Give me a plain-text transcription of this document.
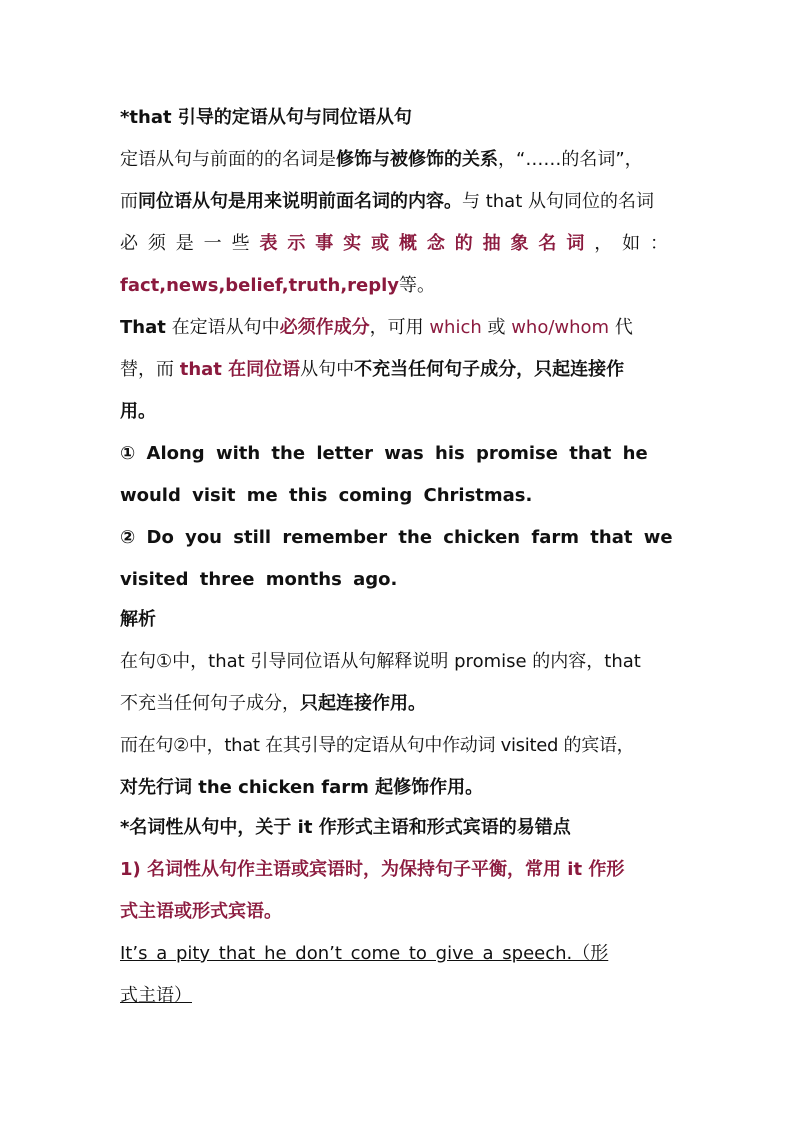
*that 引导的定语从句与同位语从句
定语从句与前面的的名词是修饰与被修饰的关系，“……的名词”，
而同位语从句是用来说明前面名词的内容。与 that 从句同位的名词
必须是一些表示事实或概念的抽象名词，如：
fact,news,belief,truth,reply等。
That 在定语从句中必须作成分，可用 which 或 who/whom 代
替，而 that 在同位语从句中不充当任何句子成分，只起连接作
用。
① Along with the letter was his promise that he
would visit me this coming Christmas.
② Do you still remember the chicken farm that we
visited three months ago.
解析
在句①中，that 引导同位语从句解释说明 promise 的内容，that
不充当任何句子成分，只起连接作用。
而在句②中，that 在其引导的定语从句中作动词 visited 的宾语，
对先行词 the chicken farm 起修饰作用。
*名词性从句中，关于 it 作形式主语和形式宾语的易错点
1) 名词性从句作主语或宾语时，为保持句子平衡，常用 it 作形
式主语或形式宾语。
It’s a pity that he don’t come to give a speech.（形
式主语）
